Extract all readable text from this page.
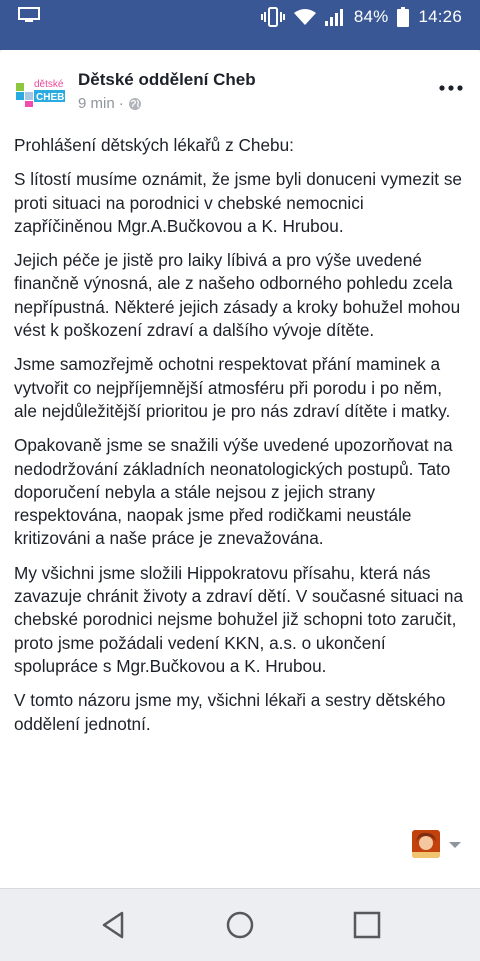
84% 14:26
dětské
CHEB
Dětské oddělení Cheb
9 min ·

Prohlášení dětských lékařů z Chebu:

S lítostí musíme oznámit, že jsme byli donuceni vymezit se proti situaci na porodnici v chebské nemocnici zapříčiněnou Mgr.A.Bučkovou a K. Hrubou.

Jejich péče je jistě pro laiky líbivá a pro výše uvedené finančně výnosná, ale z našeho odborného pohledu zcela nepřípustná. Některé jejich zásady a kroky bohužel mohou vést k poškození zdraví a dalšího vývoje dítěte.

Jsme samozřejmě ochotni respektovat přání maminek a vytvořit co nejpříjemnější atmosféru při porodu i po něm, ale nejdůležitější prioritou je pro nás zdraví dítěte i matky.

Opakovaně jsme se snažili výše uvedené upozorňovat na nedodržování základních neonatologických postupů. Tato doporučení nebyla a stále nejsou z jejich strany respektována, naopak jsme před rodičkami neustále kritizováni a naše práce je znevažována.

My všichni jsme složili Hippokratovu přísahu, která nás zavazuje chránit životy a zdraví dětí. V současné situaci na chebské porodnici nejsme bohužel již schopni toto zaručit, proto jsme požádali vedení KKN, a.s. o ukončení spolupráce s Mgr.Bučkovou a K. Hrubou.

V tomto názoru jsme my, všichni lékaři a sestry dětského oddělení jednotní.
